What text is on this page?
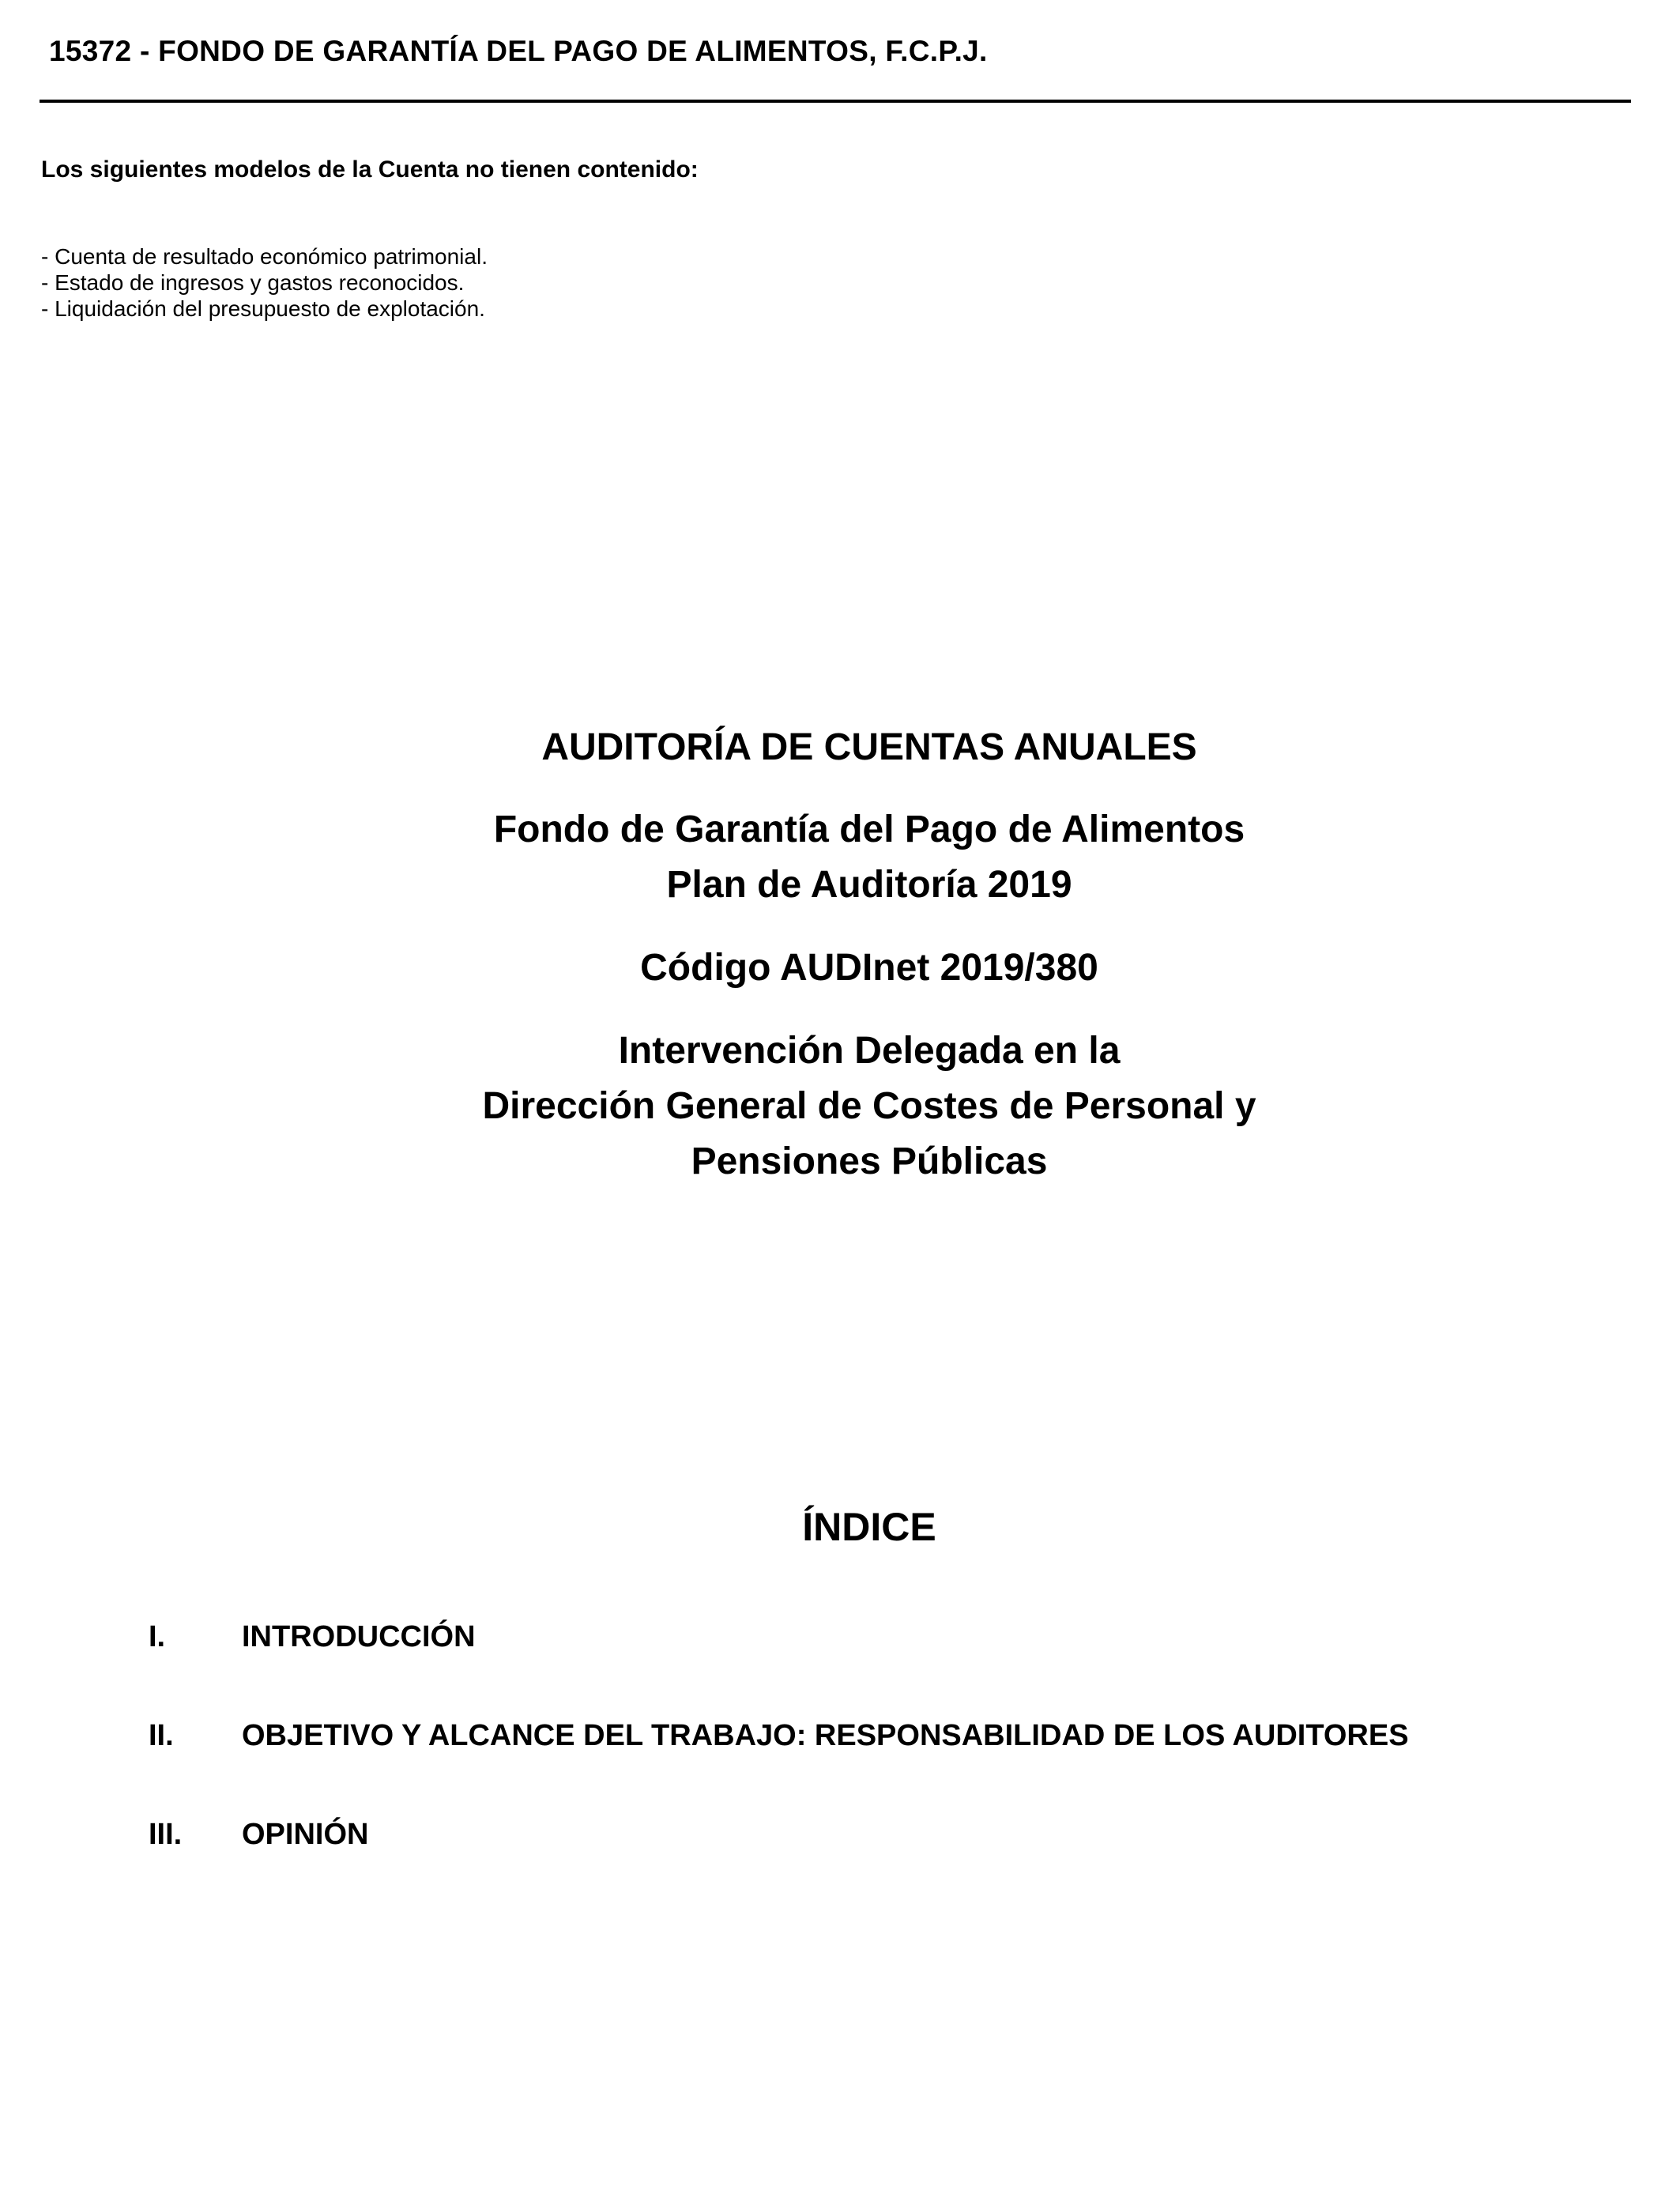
15372 - FONDO DE GARANTÍA DEL PAGO DE ALIMENTOS, F.C.P.J.
Los siguientes modelos de la Cuenta no tienen contenido:
- Cuenta de resultado económico patrimonial.
- Estado de ingresos y gastos reconocidos.
- Liquidación del presupuesto de explotación.
AUDITORÍA DE CUENTAS ANUALES
Fondo de Garantía del Pago de Alimentos
Plan de Auditoría 2019
Código AUDInet 2019/380
Intervención Delegada en la
Dirección General de Costes de Personal y
Pensiones Públicas
ÍNDICE
I.	INTRODUCCIÓN
II. OBJETIVO Y ALCANCE DEL TRABAJO: RESPONSABILIDAD DE LOS AUDITORES
III. OPINIÓN
